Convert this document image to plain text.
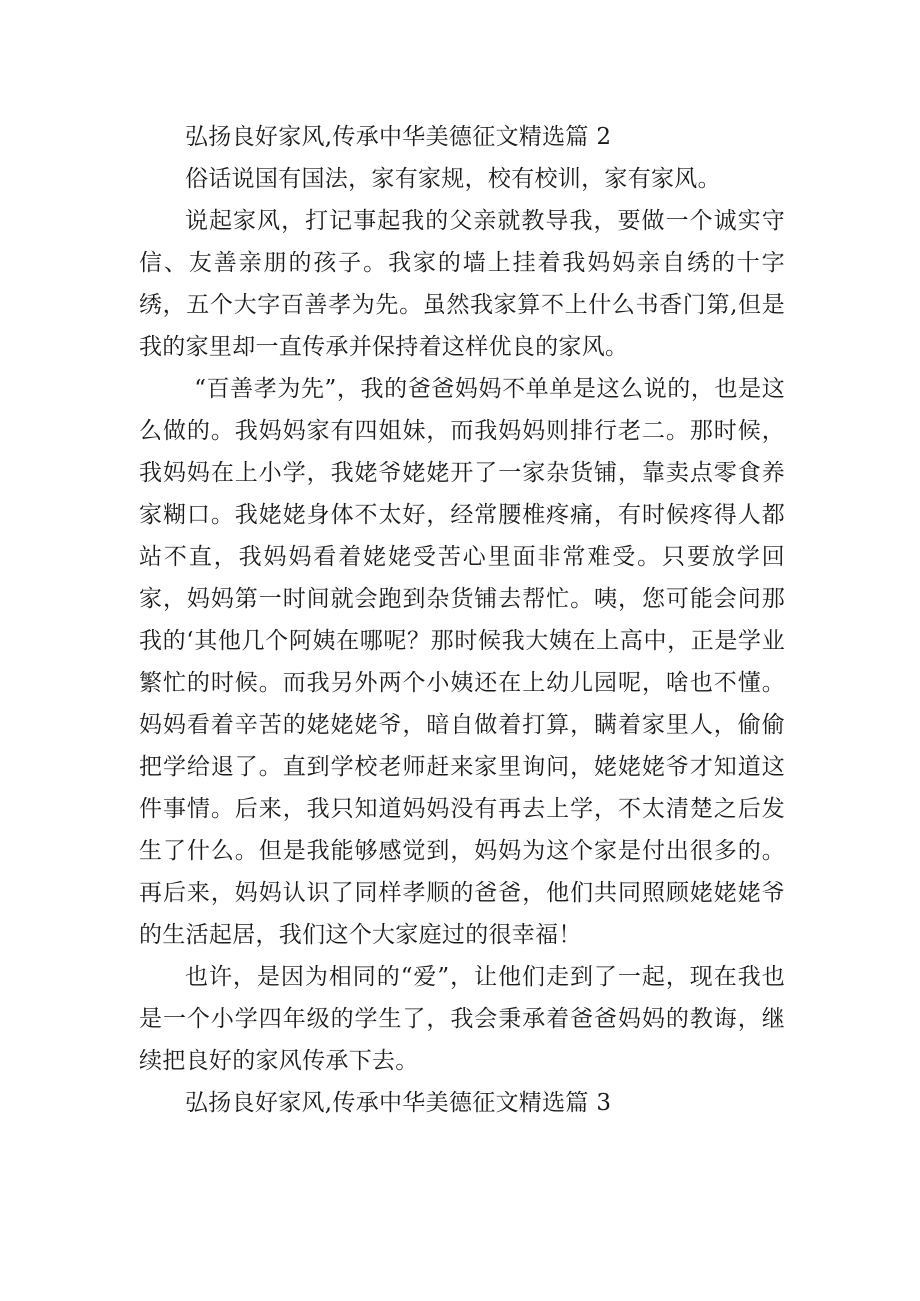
弘扬良好家风,传承中华美德征文精选篇 2

俗话说国有国法，家有家规，校有校训，家有家风。

说起家风，打记事起我的父亲就教导我，要做一个诚实守信、友善亲朋的孩子。我家的墙上挂着我妈妈亲自绣的十字绣，五个大字百善孝为先。虽然我家算不上什么书香门第,但是我的家里却一直传承并保持着这样优良的家风。

“百善孝为先”，我的爸爸妈妈不单单是这么说的，也是这么做的。我妈妈家有四姐妹，而我妈妈则排行老二。那时候，我妈妈在上小学，我姥爷姥姥开了一家杂货铺，靠卖点零食养家糊口。我姥姥身体不太好，经常腰椎疼痛，有时候疼得人都站不直，我妈妈看着姥姥受苦心里面非常难受。只要放学回家，妈妈第一时间就会跑到杂货铺去帮忙。咦，您可能会问那我的‘其他几个阿姨在哪呢？那时候我大姨在上高中，正是学业繁忙的时候。而我另外两个小姨还在上幼儿园呢，啥也不懂。妈妈看着辛苦的姥姥姥爷，暗自做着打算，瞒着家里人，偷偷把学给退了。直到学校老师赶来家里询问，姥姥姥爷才知道这件事情。后来，我只知道妈妈没有再去上学，不太清楚之后发生了什么。但是我能够感觉到，妈妈为这个家是付出很多的。再后来，妈妈认识了同样孝顺的爸爸，他们共同照顾姥姥姥爷的生活起居，我们这个大家庭过的很幸福！

也许，是因为相同的“爱”，让他们走到了一起，现在我也是一个小学四年级的学生了，我会秉承着爸爸妈妈的教诲，继续把良好的家风传承下去。

弘扬良好家风,传承中华美德征文精选篇 3
